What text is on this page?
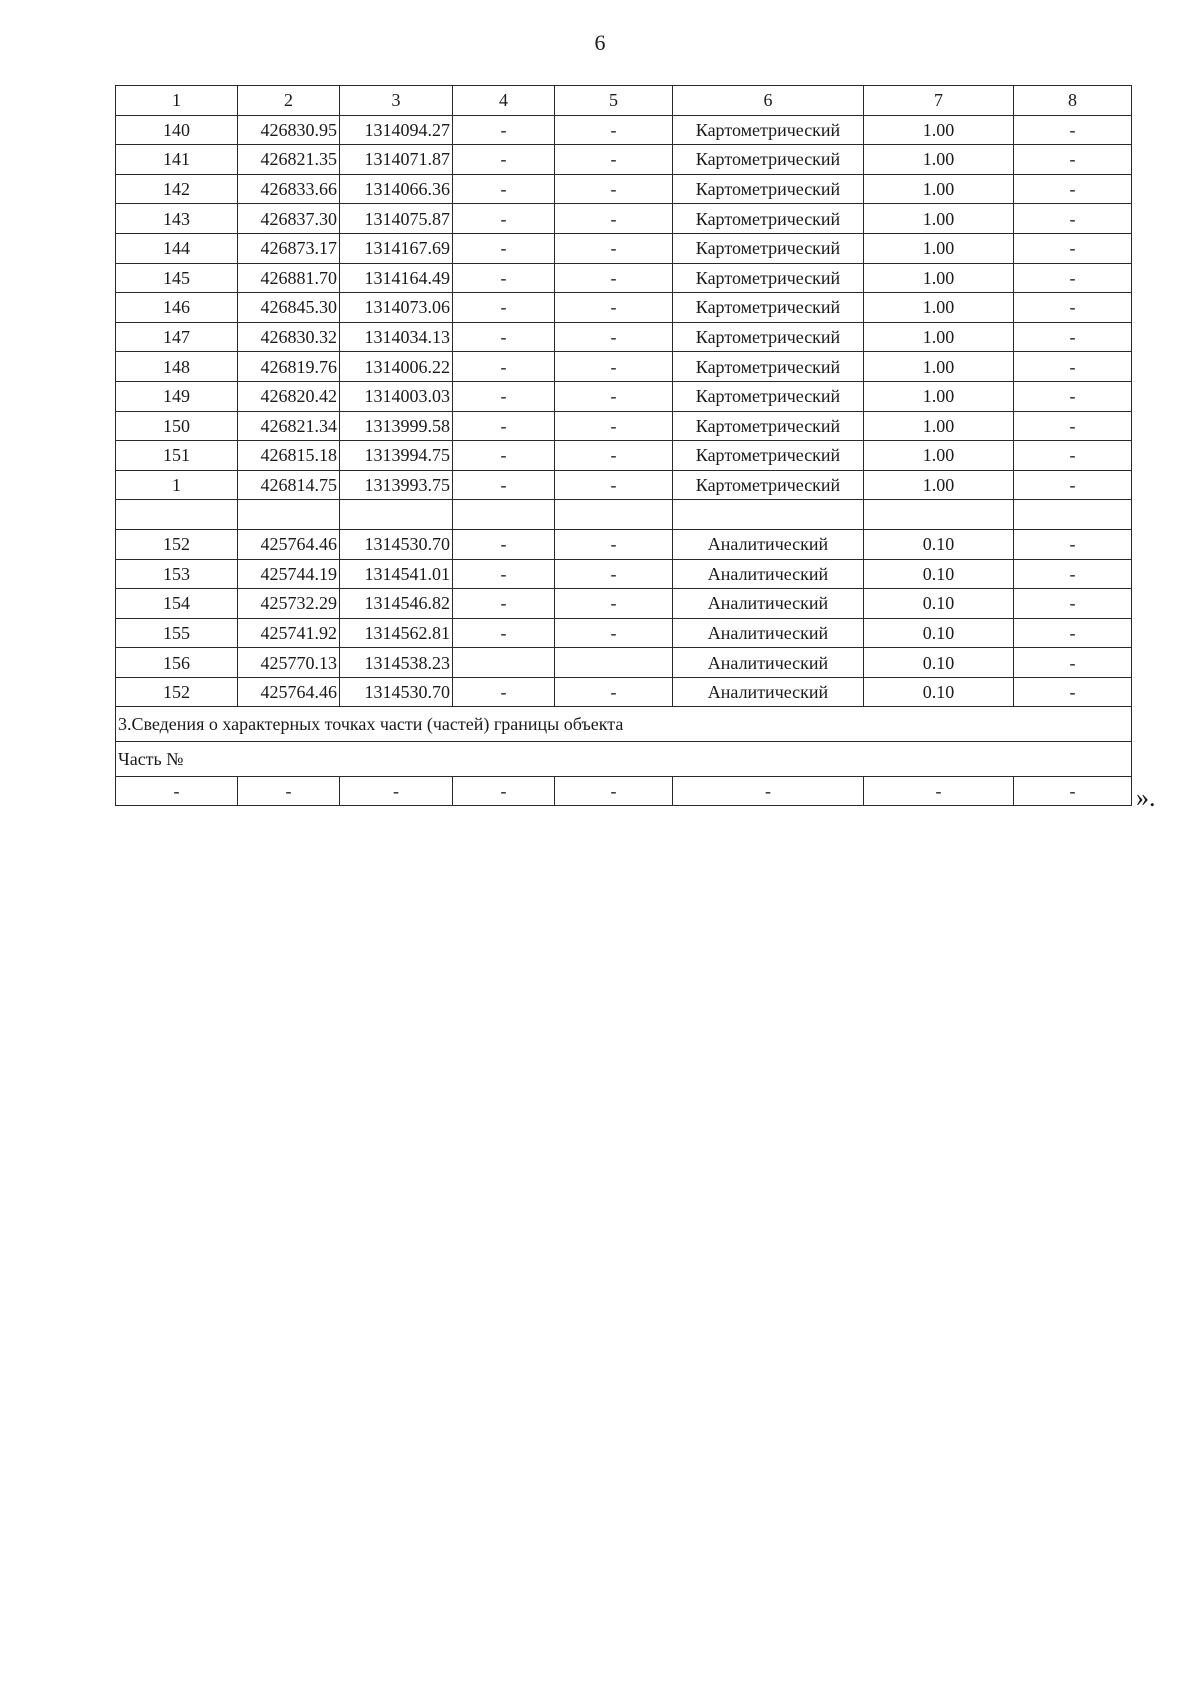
6
1	2	3	4	5	6	7	8
140	426830.95	1314094.27	-	-	Картометрический	1.00	-
141	426821.35	1314071.87	-	-	Картометрический	1.00	-
142	426833.66	1314066.36	-	-	Картометрический	1.00	-
143	426837.30	1314075.87	-	-	Картометрический	1.00	-
144	426873.17	1314167.69	-	-	Картометрический	1.00	-
145	426881.70	1314164.49	-	-	Картометрический	1.00	-
146	426845.30	1314073.06	-	-	Картометрический	1.00	-
147	426830.32	1314034.13	-	-	Картометрический	1.00	-
148	426819.76	1314006.22	-	-	Картометрический	1.00	-
149	426820.42	1314003.03	-	-	Картометрический	1.00	-
150	426821.34	1313999.58	-	-	Картометрический	1.00	-
151	426815.18	1313994.75	-	-	Картометрический	1.00	-
1	426814.75	1313993.75	-	-	Картометрический	1.00	-

152	425764.46	1314530.70	-	-	Аналитический	0.10	-
153	425744.19	1314541.01	-	-	Аналитический	0.10	-
154	425732.29	1314546.82	-	-	Аналитический	0.10	-
155	425741.92	1314562.81	-	-	Аналитический	0.10	-
156	425770.13	1314538.23			Аналитический	0.10	-
152	425764.46	1314530.70	-	-	Аналитический	0.10	-
3.Сведения о характерных точках части (частей) границы объекта							
Часть №							
-	-	-	-	-	-	-	- ».
